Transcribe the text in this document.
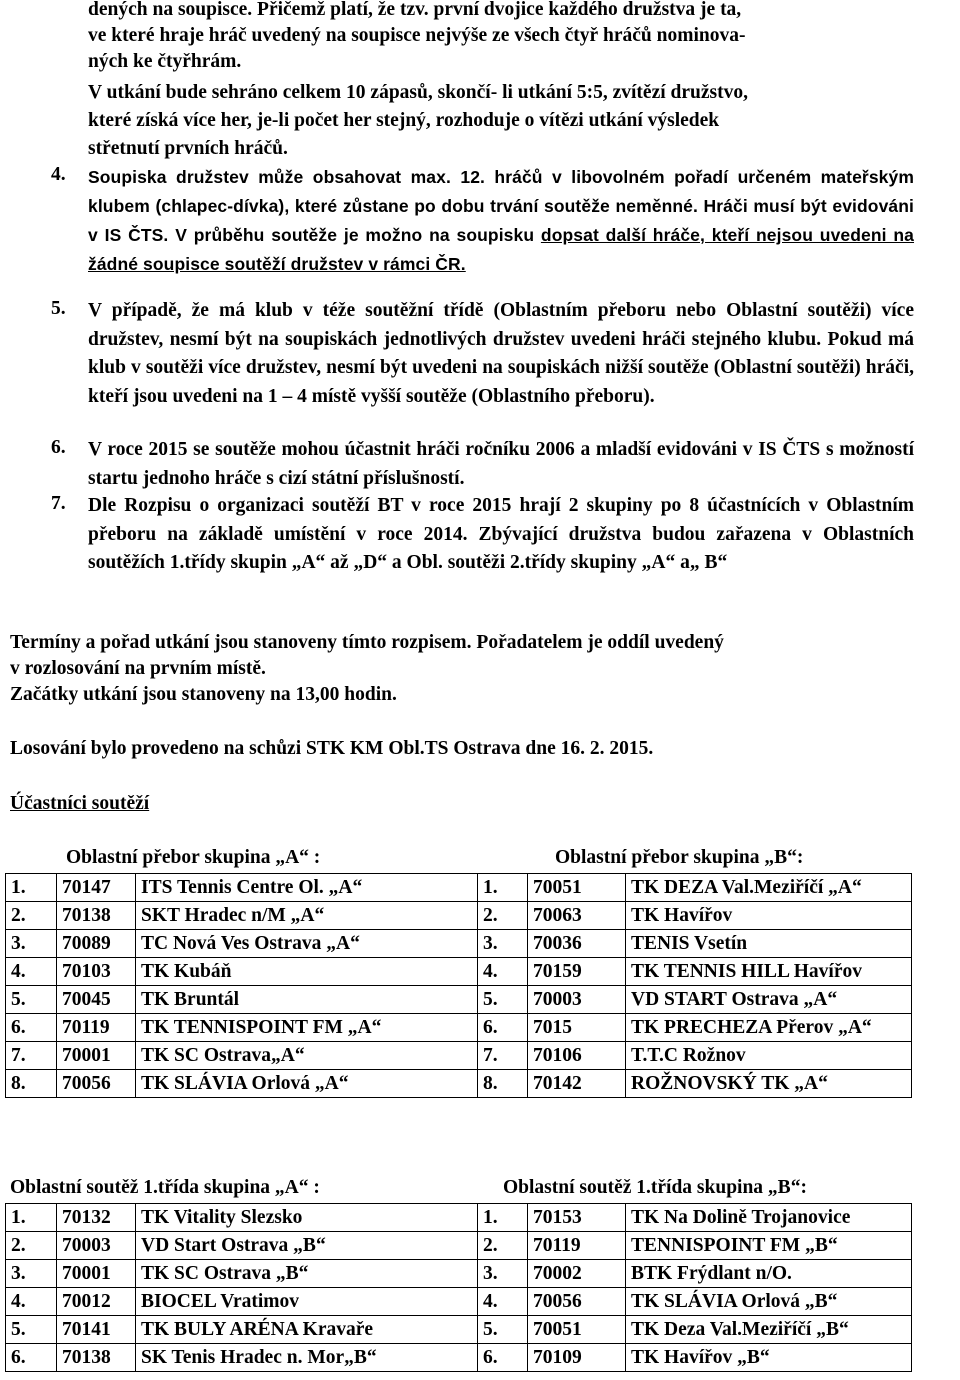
dených na soupisce. Přičemž platí, že tzv. první dvojice každého družstva je ta,
ve které hraje hráč uvedený na soupisce nejvýše ze všech čtyř hráčů nominova-
ných ke čtyřhrám.
V utkání bude sehráno celkem 10 zápasů, skončí- li utkání 5:5, zvítězí družstvo,
které získá více her, je-li počet her stejný, rozhoduje o vítězi utkání výsledek
střetnutí prvních hráčů.
4. Soupiska družstev může obsahovat max. 12. hráčů v libovolném pořadí určeném mateřským klubem (chlapec-dívka), které zůstane po dobu trvání soutěže neměnné. Hráči musí být evidováni v IS ČTS. V průběhu soutěže je možno na soupisku dopsat další hráče, kteří nejsou uvedeni na žádné soupisce soutěží družstev v rámci ČR.
5. V případě, že má klub v téže soutěžní třídě (Oblastním přeboru nebo Oblastní soutěži) více družstev, nesmí být na soupiskách jednotlivých družstev uvedeni hráči stejného klubu. Pokud má klub v soutěži více družstev, nesmí být uvedeni na soupiskách nižší soutěže (Oblastní soutěži) hráči, kteří jsou uvedeni na 1 – 4 místě vyšší soutěže (Oblastního přeboru).
6. V roce 2015 se soutěže mohou účastnit hráči ročníku 2006 a mladší evidováni v IS ČTS s možností startu jednoho hráče s cizí státní příslušností.
7. Dle Rozpisu o organizaci soutěží BT v roce 2015 hrají 2 skupiny po 8 účastnících v Oblastním přeboru na základě umístění v roce 2014. Zbývající družstva budou zařazena v Oblastních soutěžích 1.třídy skupin „A“ až „D“ a Obl. soutěži 2.třídy skupiny „A“ a„ B“
Termíny a pořad utkání jsou stanoveny tímto rozpisem. Pořadatelem je oddíl uvedený
v rozlosování na prvním místě.
Začátky utkání jsou stanoveny na 13,00 hodin.
Losování bylo provedeno na schůzi STK KM Obl.TS Ostrava dne 16. 2. 2015.
Účastníci soutěží
Oblastní přebor skupina „A“ :	Oblastní přebor skupina „B“:
1.	70147	ITS Tennis Centre Ol. „A“	1.	70051	TK DEZA Val.Meziříčí „A“
2.	70138	SKT Hradec n/M „A“	2.	70063	TK Havířov
3.	70089	TC Nová Ves Ostrava „A“	3.	70036	TENIS Vsetín
4.	70103	TK Kubáň	4.	70159	TK TENNIS HILL Havířov
5.	70045	TK Bruntál	5.	70003	VD START Ostrava „A“
6.	70119	TK TENNISPOINT FM „A“	6.	7015	TK PRECHEZA Přerov „A“
7.	70001	TK SC Ostrava„A“	7.	70106	T.T.C Rožnov
8.	70056	TK SLÁVIA Orlová „A“	8.	70142	ROŽNOVSKÝ TK „A“
Oblastní soutěž 1.třída skupina „A“ :	Oblastní soutěž 1.třída skupina „B“:
1.	70132	TK Vitality Slezsko	1.	70153	TK Na Dolině Trojanovice
2.	70003	VD Start Ostrava „B“	2.	70119	TENNISPOINT FM „B“
3.	70001	TK SC Ostrava „B“	3.	70002	BTK Frýdlant n/O.
4.	70012	BIOCEL Vratimov	4.	70056	TK SLÁVIA Orlová „B“
5.	70141	TK BULY ARÉNA Kravaře	5.	70051	TK Deza Val.Meziříčí „B“
6.	70138	SK Tenis Hradec n. Mor„B“	6.	70109	TK Havířov „B“
